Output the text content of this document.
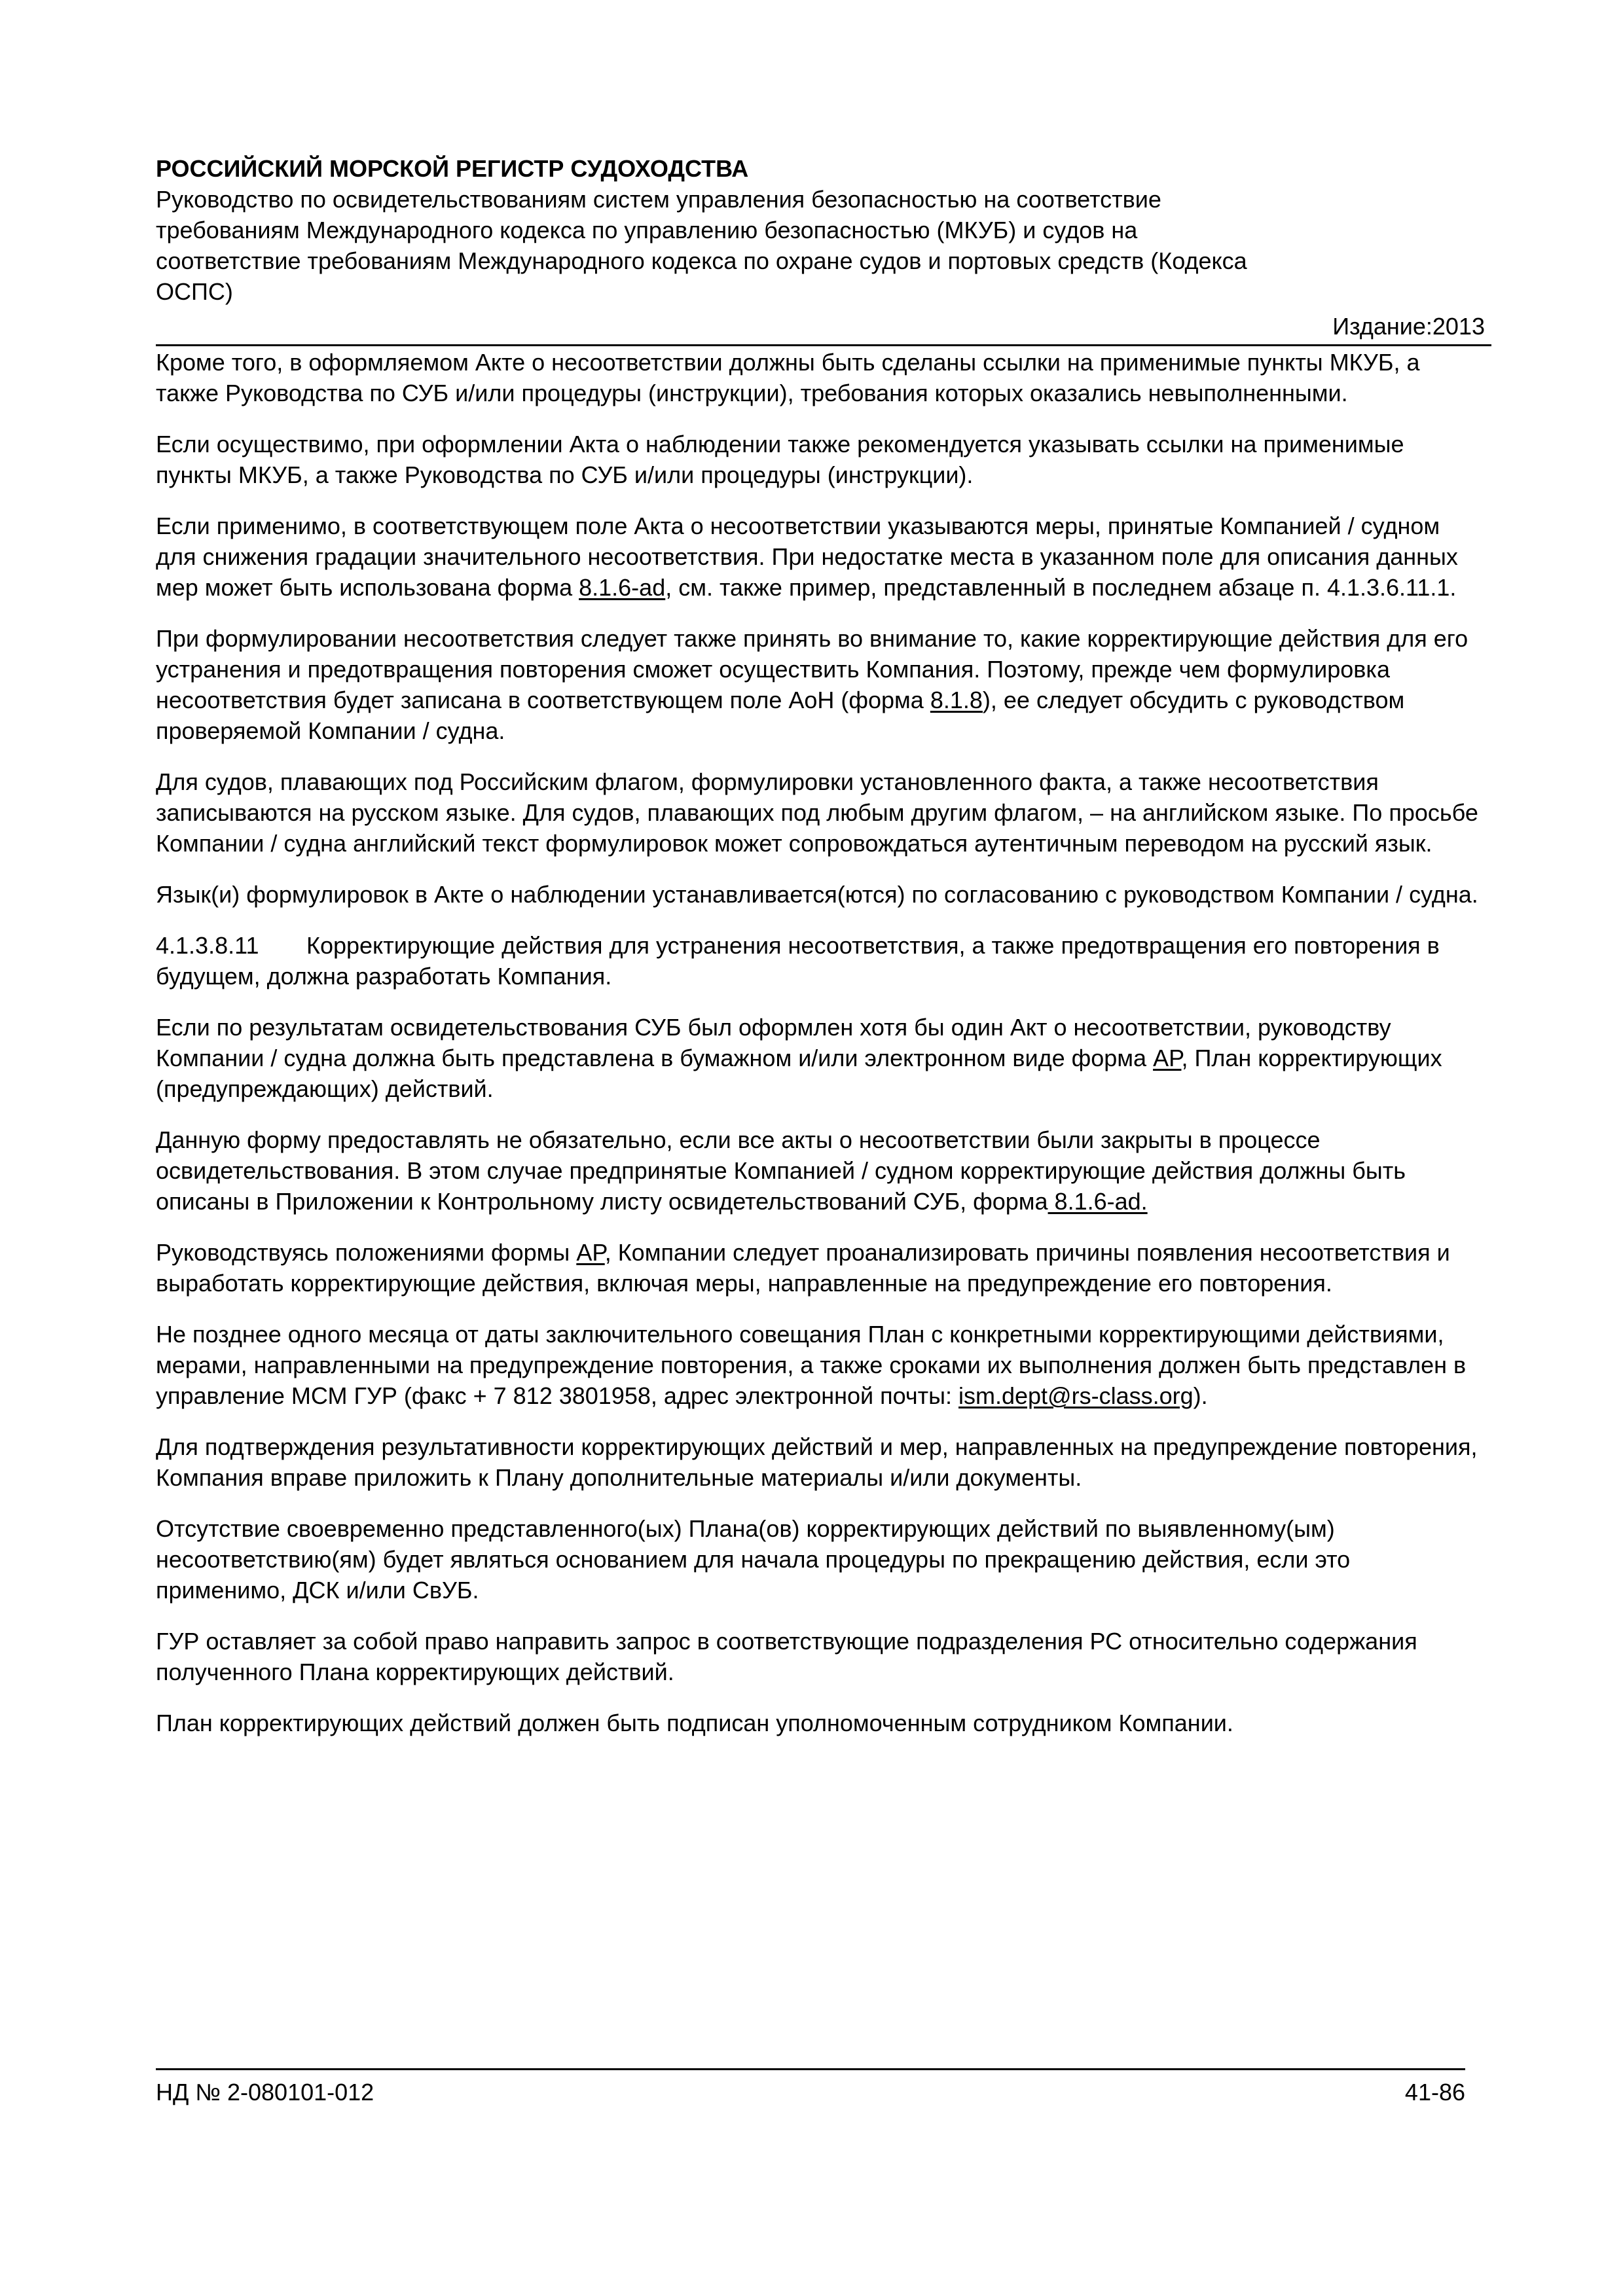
РОССИЙСКИЙ МОРСКОЙ РЕГИСТР СУДОХОДСТВА
Руководство по освидетельствованиям систем управления безопасностью на соответствие
требованиям Международного кодекса по управлению безопасностью (МКУБ) и судов на
соответствие требованиям Международного кодекса по охране судов и портовых средств (Кодекса
ОСПС)
Издание:2013

Кроме того, в оформляемом Акте о несоответствии должны быть сделаны ссылки на применимые пункты МКУБ, а также Руководства по СУБ и/или процедуры (инструкции), требования которых оказались невыполненными.

Если осуществимо, при оформлении Акта о наблюдении также рекомендуется указывать ссылки на применимые пункты МКУБ, а также Руководства по СУБ и/или процедуры (инструкции).

Если применимо, в соответствующем поле Акта о несоответствии указываются меры, принятые Компанией / судном для снижения градации значительного несоответствия. При недостатке места в указанном поле для описания данных мер может быть использована форма 8.1.6-ad, см. также пример, представленный в последнем абзаце п. 4.1.3.6.11.1.

При формулировании несоответствия следует также принять во внимание то, какие корректирующие действия для его устранения и предотвращения повторения сможет осуществить Компания. Поэтому, прежде чем формулировка несоответствия будет записана в соответствующем поле АоН (форма 8.1.8), ее следует обсудить с руководством проверяемой Компании / судна.

Для судов, плавающих под Российским флагом, формулировки установленного факта, а также несоответствия записываются на русском языке. Для судов, плавающих под любым другим флагом, – на английском языке. По просьбе Компании / судна английский текст формулировок может сопровождаться аутентичным переводом на русский язык.

Язык(и) формулировок в Акте о наблюдении устанавливается(ются) по согласованию с руководством Компании / судна.

4.1.3.8.11 Корректирующие действия для устранения несоответствия, а также предотвращения его повторения в будущем, должна разработать Компания.

Если по результатам освидетельствования СУБ был оформлен хотя бы один Акт о несоответствии, руководству Компании / судна должна быть представлена в бумажном и/или электронном виде форма AP, План корректирующих (предупреждающих) действий.

Данную форму предоставлять не обязательно, если все акты о несоответствии были закрыты в процессе освидетельствования. В этом случае предпринятые Компанией / судном корректирующие действия должны быть описаны в Приложении к Контрольному листу освидетельствований СУБ, форма 8.1.6-ad.

Руководствуясь положениями формы AP, Компании следует проанализировать причины появления несоответствия и выработать корректирующие действия, включая меры, направленные на предупреждение его повторения.

Не позднее одного месяца от даты заключительного совещания План с конкретными корректирующими действиями, мерами, направленными на предупреждение повторения, а также сроками их выполнения должен быть представлен в управление МСМ ГУР (факс + 7 812 3801958, адрес электронной почты: ism.dept@rs-class.org).

Для подтверждения результативности корректирующих действий и мер, направленных на предупреждение повторения, Компания вправе приложить к Плану дополнительные материалы и/или документы.

Отсутствие своевременно представленного(ых) Плана(ов) корректирующих действий по выявленному(ым) несоответствию(ям) будет являться основанием для начала процедуры по прекращению действия, если это применимо, ДСК и/или СвУБ.

ГУР оставляет за собой право направить запрос в соответствующие подразделения РС относительно содержания полученного Плана корректирующих действий.

План корректирующих действий должен быть подписан уполномоченным сотрудником Компании.

НД № 2-080101-012	41-86
